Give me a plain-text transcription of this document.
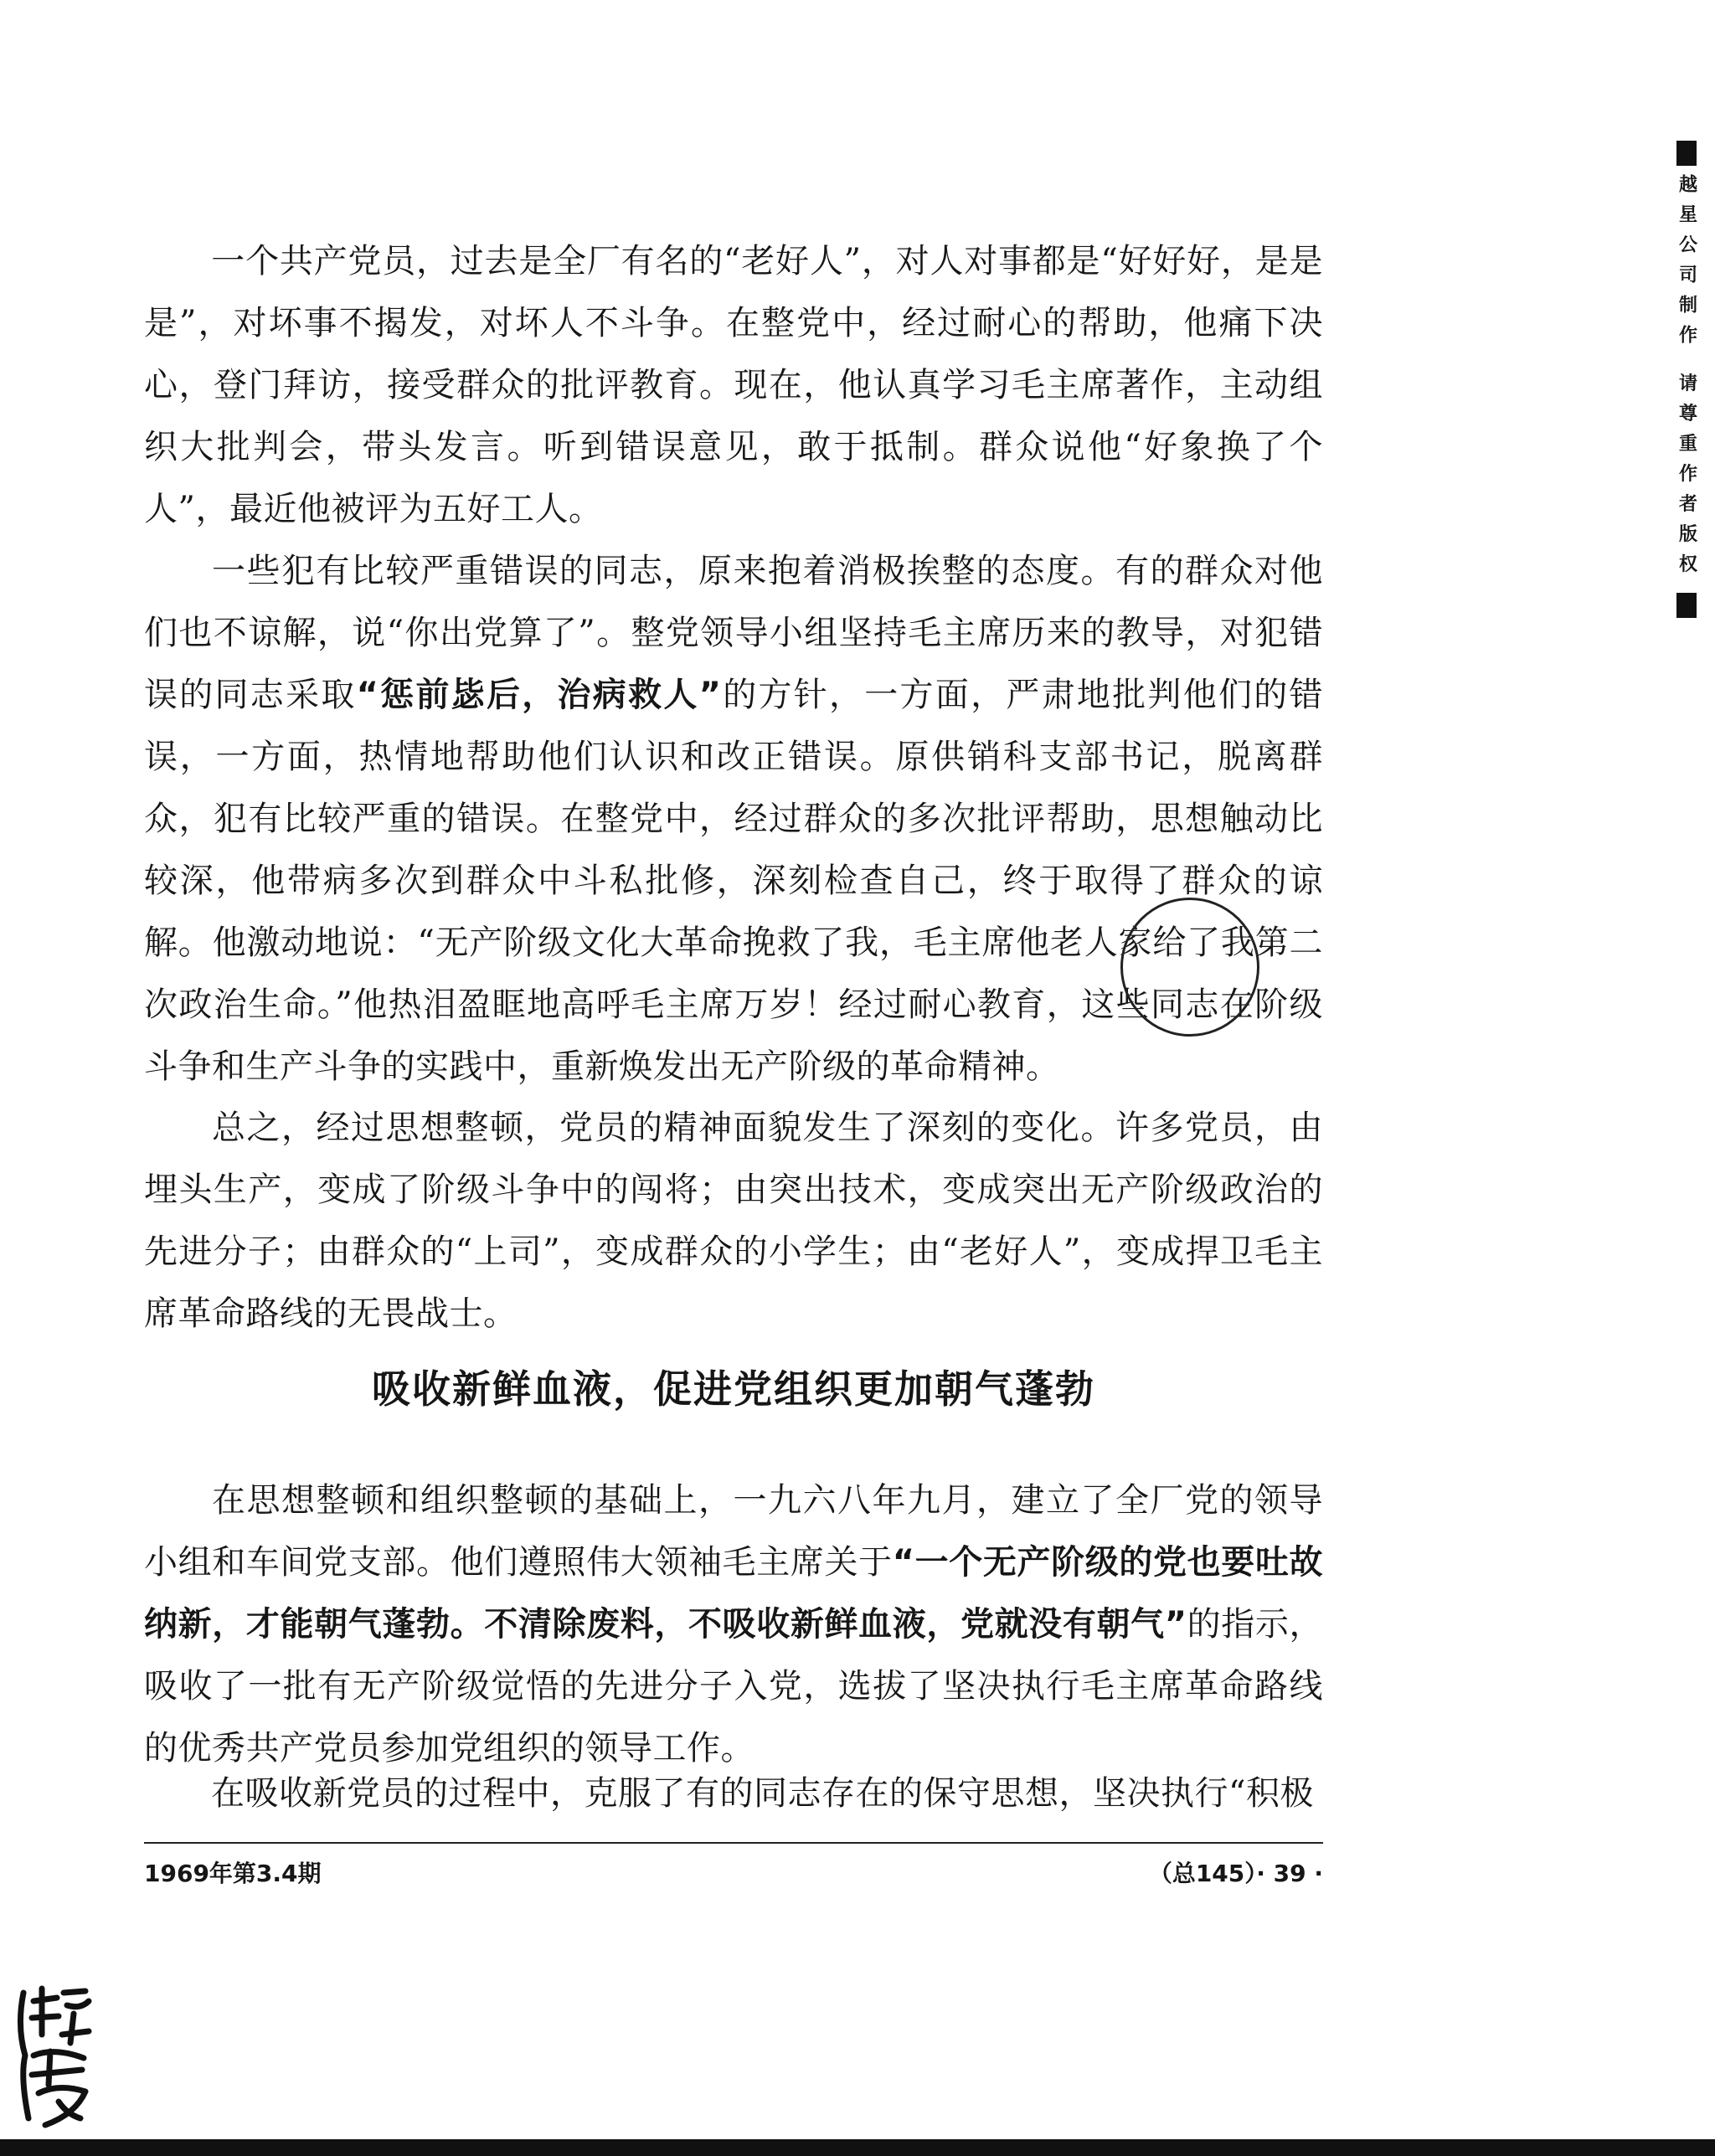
越星公司制作 请尊重作者版权

一个共产党员，过去是全厂有名的“老好人”，对人对事都是“好好好，是是是”，对坏事不揭发，对坏人不斗争。在整党中，经过耐心的帮助，他痛下决心，登门拜访，接受群众的批评教育。现在，他认真学习毛主席著作，主动组织大批判会，带头发言。听到错误意见，敢于抵制。群众说他“好象换了个人”，最近他被评为五好工人。

一些犯有比较严重错误的同志，原来抱着消极挨整的态度。有的群众对他们也不谅解，说“你出党算了”。整党领导小组坚持毛主席历来的教导，对犯错误的同志采取“惩前毖后，治病救人”的方针，一方面，严肃地批判他们的错误，一方面，热情地帮助他们认识和改正错误。原供销科支部书记，脱离群众，犯有比较严重的错误。在整党中，经过群众的多次批评帮助，思想触动比较深，他带病多次到群众中斗私批修，深刻检查自己，终于取得了群众的谅解。他激动地说：“无产阶级文化大革命挽救了我，毛主席他老人家给了我第二次政治生命。”他热泪盈眶地高呼毛主席万岁！经过耐心教育，这些同志在阶级斗争和生产斗争的实践中，重新焕发出无产阶级的革命精神。

总之，经过思想整顿，党员的精神面貌发生了深刻的变化。许多党员，由埋头生产，变成了阶级斗争中的闯将；由突出技术，变成突出无产阶级政治的先进分子；由群众的“上司”，变成群众的小学生；由“老好人”，变成捍卫毛主席革命路线的无畏战士。

吸收新鲜血液，促进党组织更加朝气蓬勃

在思想整顿和组织整顿的基础上，一九六八年九月，建立了全厂党的领导小组和车间党支部。他们遵照伟大领袖毛主席关于“一个无产阶级的党也要吐故纳新，才能朝气蓬勃。不清除废料，不吸收新鲜血液，党就没有朝气”的指示，吸收了一批有无产阶级觉悟的先进分子入党，选拔了坚决执行毛主席革命路线的优秀共产党员参加党组织的领导工作。

在吸收新党员的过程中，克服了有的同志存在的保守思想，坚决执行“积极

1969年第3.4期	（总145）· 39 ·
